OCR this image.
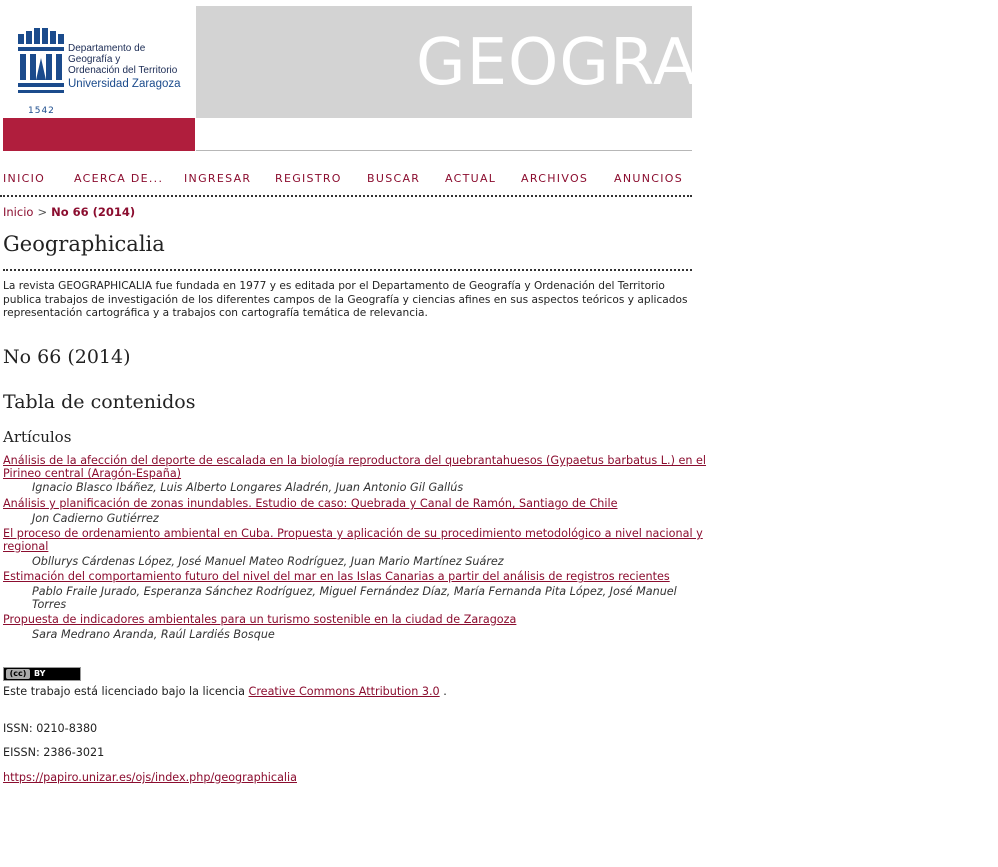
1542
Departamento de
Geografía y
Ordenación del Territorio
Universidad Zaragoza	GEOGRAPHICALIA
INICIO	ACERCA DE... INGRESAR REGISTRO BUSCAR ACTUAL ARCHIVOS ANUNCIOS
Inicio > No 66 (2014)
Geographicalia
La revista GEOGRAPHICALIA fue fundada en 1977 y es editada por el Departamento de Geografía y Ordenación del Territorio
publica trabajos de investigación de los diferentes campos de la Geografía y ciencias afines en sus aspectos teóricos y aplicados
representación cartográfica y a trabajos con cartografía temática de relevancia.
No 66 (2014)
Tabla de contenidos
Artículos
Análisis de la afección del deporte de escalada en la biología reproductora del quebrantahuesos (Gypaetus barbatus L.) en el
Pirineo central (Aragón-España)
Ignacio Blasco Ibáñez, Luis Alberto Longares Aladrén, Juan Antonio Gil Gallús
Análisis y planificación de zonas inundables. Estudio de caso: Quebrada y Canal de Ramón, Santiago de Chile
Jon Cadierno Gutiérrez
El proceso de ordenamiento ambiental en Cuba. Propuesta y aplicación de su procedimiento metodológico a nivel nacional y
regional
Obllurys Cárdenas López, José Manuel Mateo Rodríguez, Juan Mario Martínez Suárez
Estimación del comportamiento futuro del nivel del mar en las Islas Canarias a partir del análisis de registros recientes
Pablo Fraile Jurado, Esperanza Sánchez Rodríguez, Miguel Fernández Díaz, María Fernanda Pita López, José Manuel
Torres
Propuesta de indicadores ambientales para un turismo sostenible en la ciudad de Zaragoza
Sara Medrano Aranda, Raúl Lardiés Bosque
(cc) BY
Este trabajo está licenciado bajo la licencia Creative Commons Attribution 3.0 .
ISSN: 0210-8380
EISSN: 2386-3021
https://papiro.unizar.es/ojs/index.php/geographicalia
